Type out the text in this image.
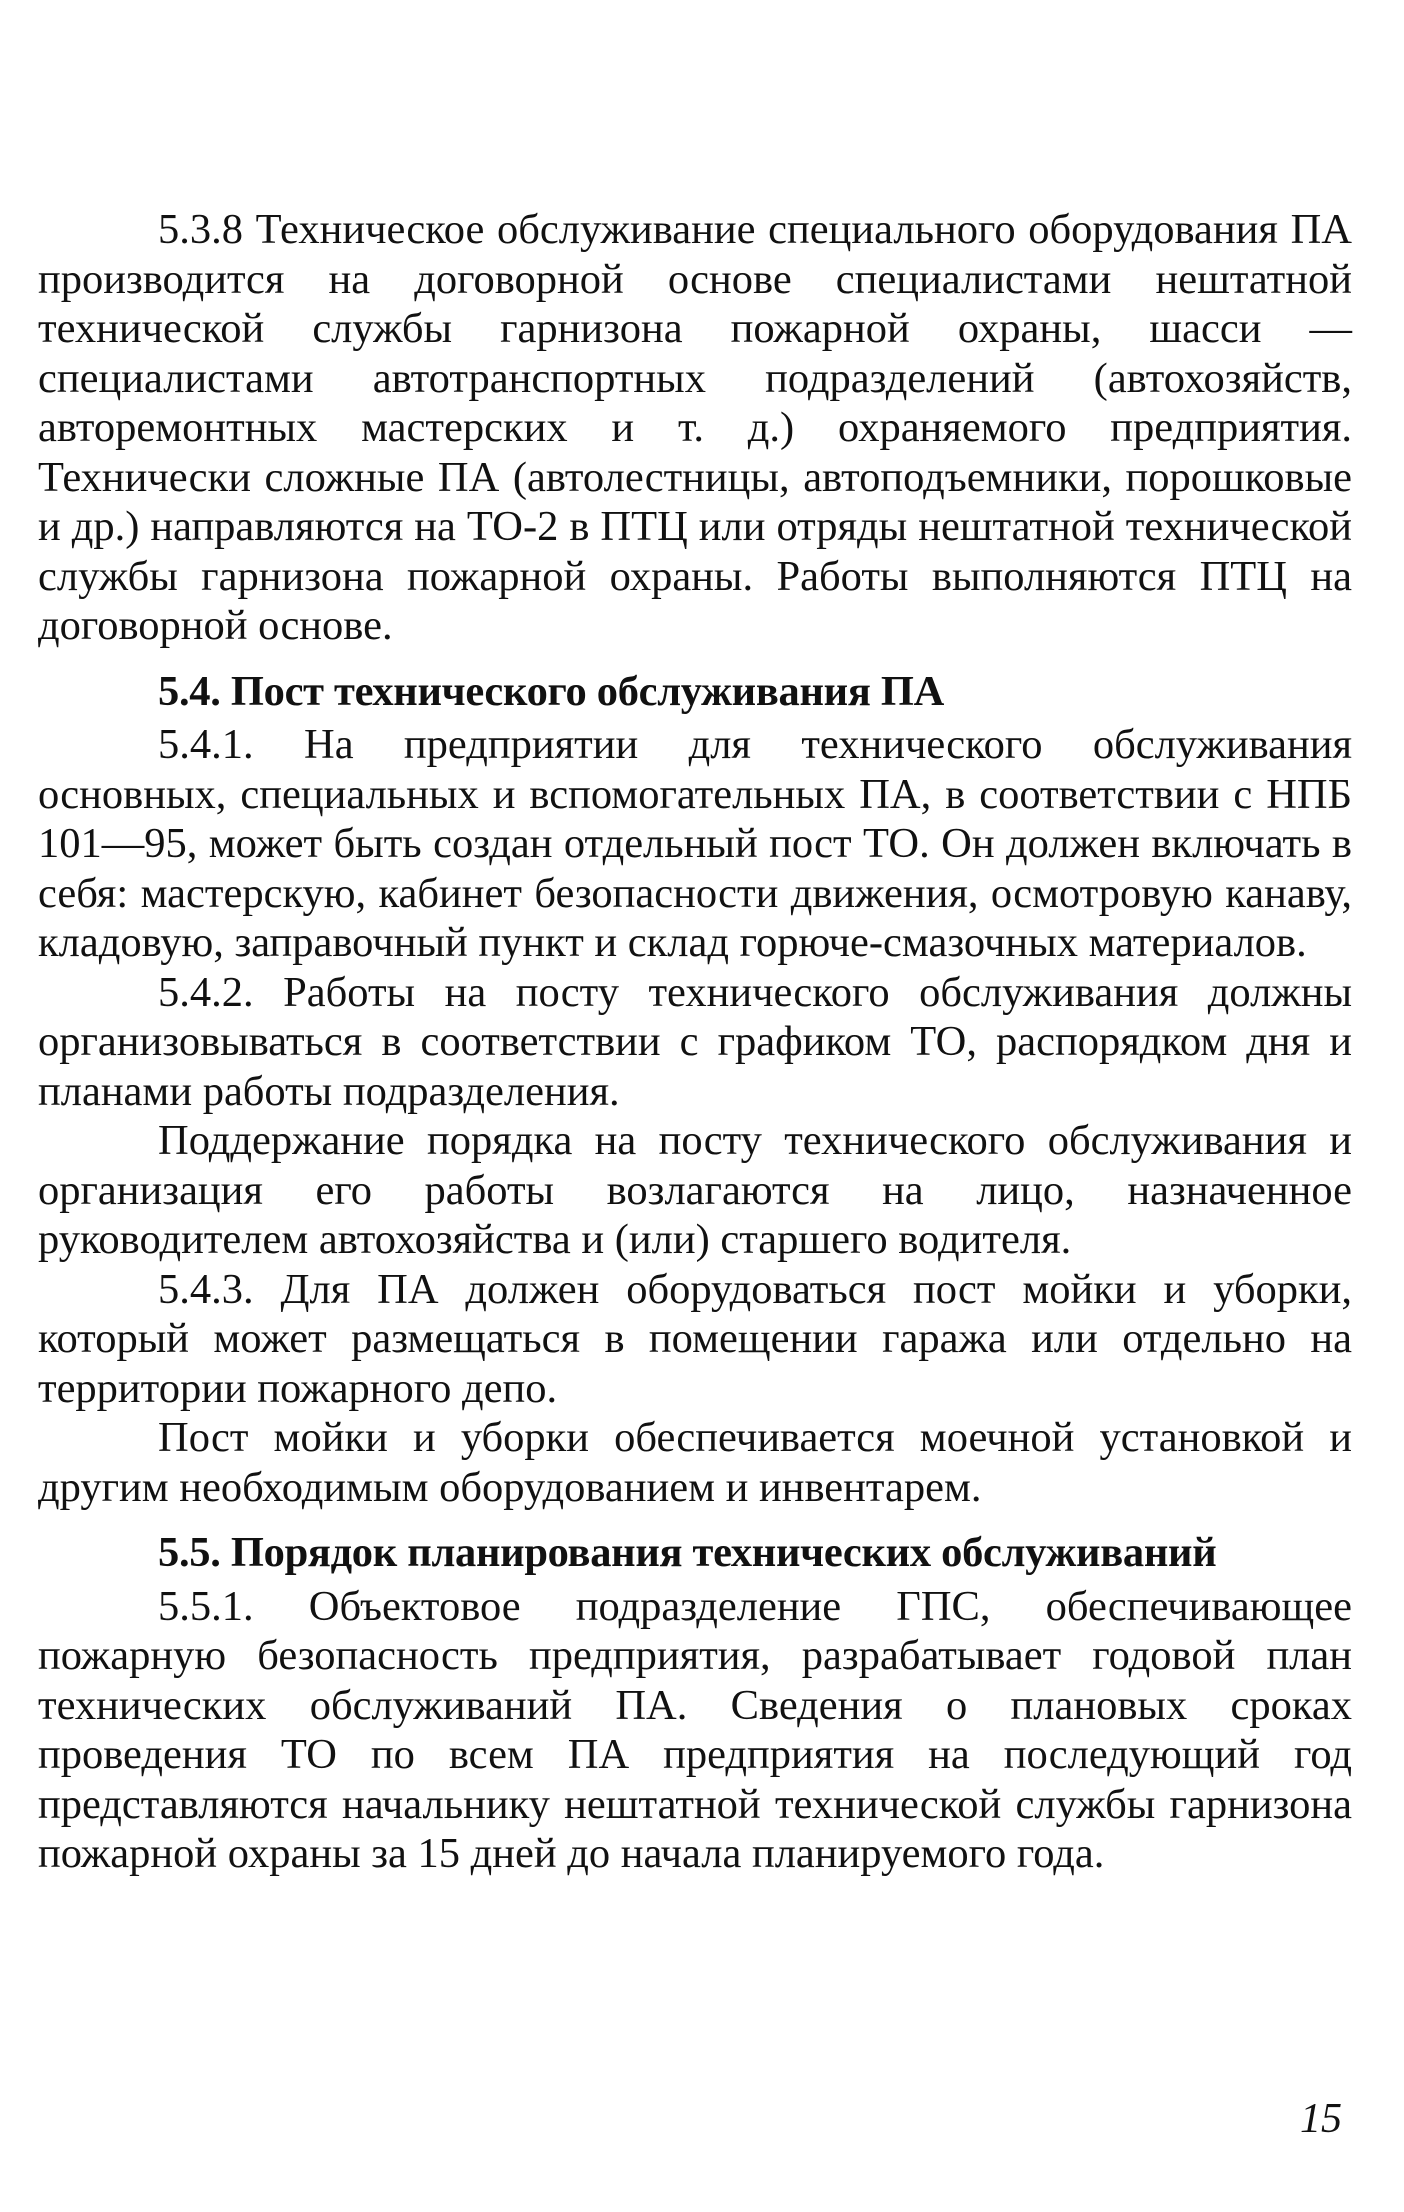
5.3.8 Техническое обслуживание специального оборудования ПА производится на договорной основе специалистами нештатной технической службы гарнизона пожарной охраны, шасси — специалистами автотранспортных подразделений (автохозяйств, авторемонтных мастерских и т. д.) охраняемого предприятия. Технически сложные ПА (автолестницы, автоподъемники, порошковые и др.) направляются на ТО-2 в ПТЦ или отряды нештатной технической службы гарнизона пожарной охраны. Работы выполняются ПТЦ на договорной основе.

5.4. Пост технического обслуживания ПА

5.4.1. На предприятии для технического обслуживания основных, специальных и вспомогательных ПА, в соответствии с НПБ 101—95, может быть создан отдельный пост ТО. Он должен включать в себя: мастерскую, кабинет безопасности движения, осмотровую канаву, кладовую, заправочный пункт и склад горюче-смазочных материалов.

5.4.2. Работы на посту технического обслуживания должны организовываться в соответствии с графиком ТО, распорядком дня и планами работы подразделения.

Поддержание порядка на посту технического обслуживания и организация его работы возлагаются на лицо, назначенное руководителем автохозяйства и (или) старшего водителя.

5.4.3. Для ПА должен оборудоваться пост мойки и уборки, который может размещаться в помещении гаража или отдельно на территории пожарного депо.

Пост мойки и уборки обеспечивается моечной установкой и другим необходимым оборудованием и инвентарем.

5.5. Порядок планирования технических обслуживаний

5.5.1. Объектовое подразделение ГПС, обеспечивающее пожарную безопасность предприятия, разрабатывает годовой план технических обслуживаний ПА. Сведения о плановых сроках проведения ТО по всем ПА предприятия на последующий год представляются начальнику нештатной технической службы гарнизона пожарной охраны за 15 дней до начала планируемого года.

15
